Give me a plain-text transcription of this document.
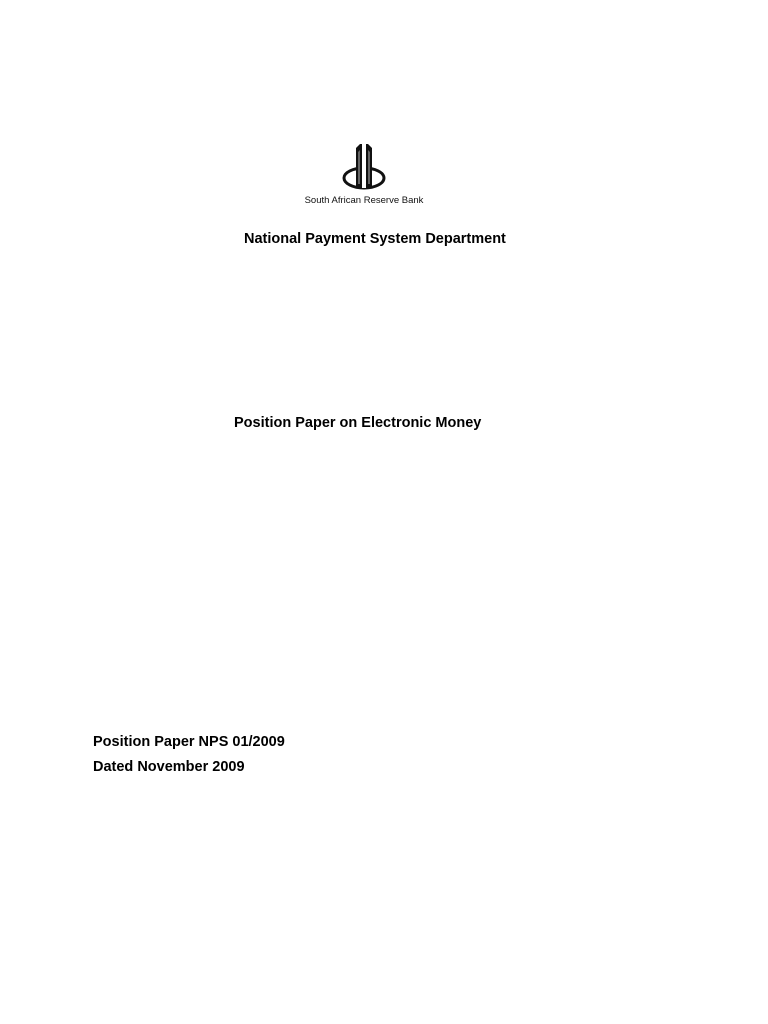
South African Reserve Bank
National Payment System Department
Position Paper on Electronic Money
Position Paper NPS 01/2009
Dated November 2009
